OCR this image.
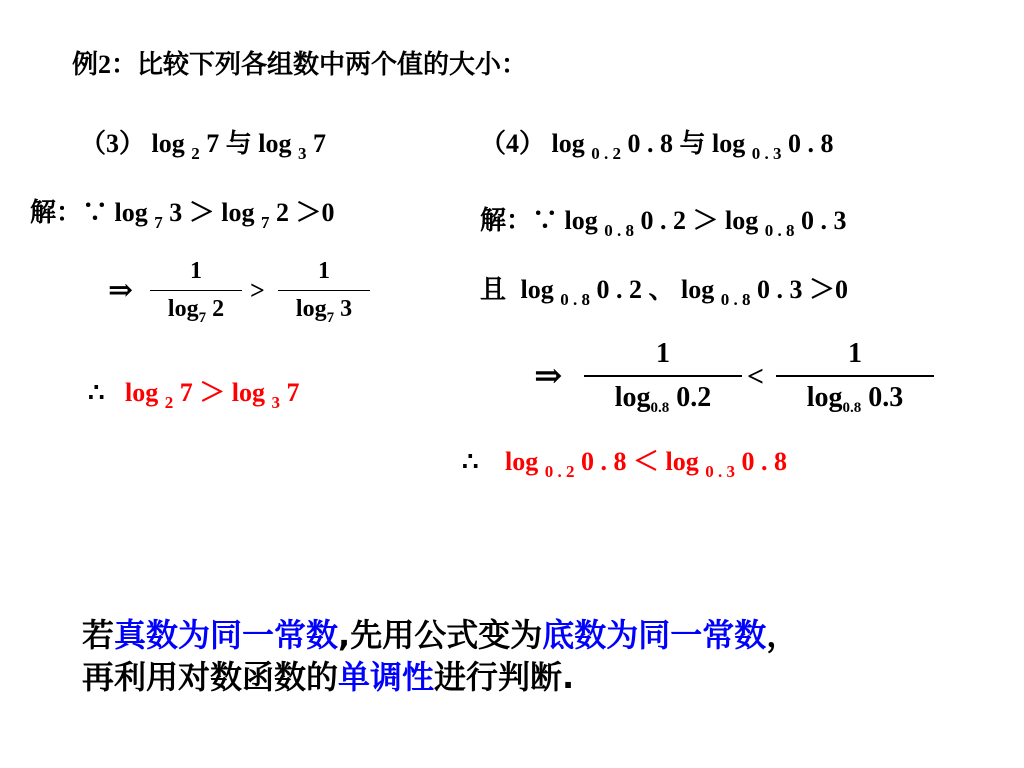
例2：比较下列各组数中两个值的大小：
（3） log $_2$ 7 与 log $_3$ 7
解：∵ log $_7$ 3 ＞ log $_7$ 2 ＞0
⇒
1
$\log_7 2$
>
1
$\log_7 3$
∴ log $_2$ 7 ＞ log $_3$ 7
（4） log $_{0 . 2}$ 0 . 8 与 log $_{0 . 3}$ 0 . 8
解：∵ log $_{0 . 8}$ 0 . 2 ＞ log $_{0 . 8}$ 0 . 3
且 log $_{0 . 8}$ 0 . 2 、 log $_{0 . 8}$ 0 . 3 ＞0
⇒
1
$\log_{0.8} 0.2$
<
1
$\log_{0.8} 0.3$
∴ log $_{0 . 2}$ 0 . 8 ＜ log $_{0 . 3}$ 0 . 8
若真数为同一常数,先用公式变为底数为同一常数，
再利用对数函数的单调性进行判断.
